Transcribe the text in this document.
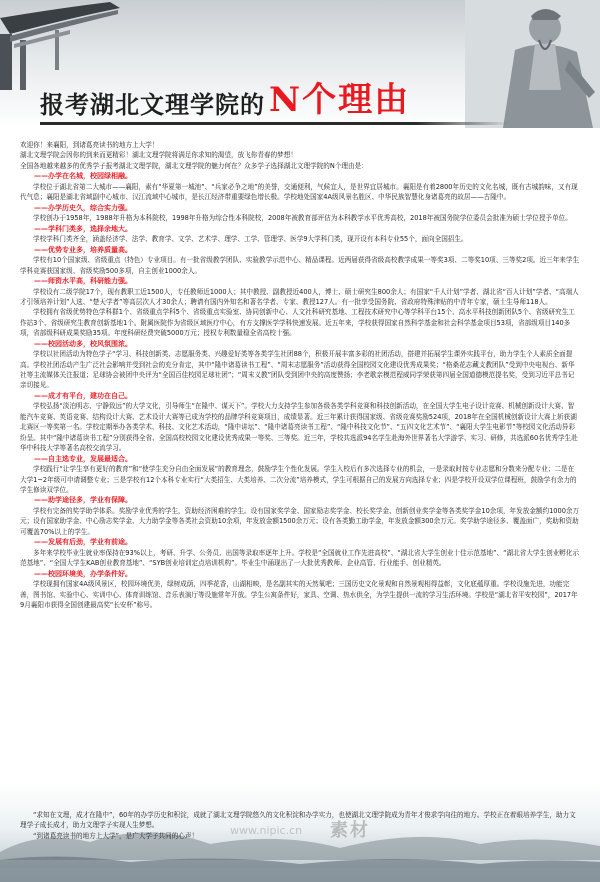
报考湖北文理学院的 N个理由

欢迎你！来襄阳，到诸葛亮读书的地方上大学！

湖北文理学院会因你的到来而更精彩！湖北文理学院将满足你求知的渴望，放飞你青春的梦想！

全国各地越来越多的优秀学子报考湖北文理学院，湖北文理学院的魅力何在？众多学子选择湖北文理学院的N个理由是：

——办学在名城，校园绿相融。

学校位于湖北省第二大城市——襄阳，素有“华夏第一城池”、“兵家必争之地”的美誉，交通便利，气候宜人，是世界宜居城市。襄阳是有着2800年历史的文化名城，既有古城韵味，又有现代气息；襄阳是湖北省域副中心城市、汉江流域中心城市，是长江经济带重要绿色增长极。学校地处国家4A级风景名胜区、中华民族智慧化身诸葛亮的故居——古隆中。

——办学历史久，综合实力强。

学校创办于1958年，1988年升格为本科院校，1998年升格为综合性本科院校，2008年被教育部评估为本科教学水平优秀高校，2018年被国务院学位委员会批准为硕士学位授予单位。

——学科门类多，选择余地大。

学校学科门类齐全，涵盖经济学、法学、教育学、文学、艺术学、理学、工学、管理学、医学9大学科门类，现开设有本科专业55个，面向全国招生。

——优势专业多，培养质量高。

学校有10个国家级、省级重点（特色）专业项目。有一批省级教学团队、实验教学示范中心、精品课程。近两届获得省级高校教学成果一等奖3项、二等奖10项、三等奖2项。近三年来学生学科竞赛获国家级、省级奖励500多项，自主创业1000余人。

——师资水平高，科研能力强。

学校设有二级学院17个，现有教职工近1500人，专任教师近1000人；其中教授、副教授近400人，博士、硕士研究生800余人；有国家“千人计划”学者、湖北省“百人计划”学者、“高端人才引领培养计划”人选、“楚天学者”等高层次人才30余人；聘请有国内外知名和著名学者、专家、教授127人。有一批享受国务院、省政府特殊津贴的中青年专家，硕士生导师118人。

学校拥有省级优势特色学科群1个、省级重点学科5个、省级重点实验室、协同创新中心、人文社科研究基地、工程技术研究中心等学科平台15个、高水平科技创新团队5个、省级研究生工作站3个、省级研究生教育创新基地1个。附属医院作为省级区域医疗中心，有方支撑医学学科快速发展。近五年来，学校获得国家自然科学基金和社会科学基金项目53项，省部级项目140多项，省部级科研成果奖励35项。年度科研经费突破5000万元；授权专利数量稳全省高校十强。

——校园活动多，校风氛围浓。

学校以社团活动为特色学子“学习、科技创新类、志愿服务类、兴趣爱好类等各类学生社团88个，积极开展丰富多彩的社团活动，搭建并拓展学生课外实践平台，助力学生个人素质全面提高。学校社团活动产生广泛社会影响并受到社会的充分肯定，其中“隆中诸葛读书工程”、“周末志愿服务”活动获得全国校园文化建设优秀成果奖；“格桑花志藏支教团队”受到中央电视台、新华社等主流媒体关注报道；足球协会被团中央评为“全国百佳校园足球社团”；“周末义教”团队受到团中央的高度赞扬；李老歌亲模范程威同学荣获第四届全国道德模范提名奖，受到习近平总书记亲切接见。

——成才有平台，建功在自己。

学校弘扬“淡泊明志、宁静致远”的大学文化，引导师生“在隆中、谋天下”。学校大力支持学生参加各级各类学科竞赛和科技创新活动，在全国大学生电子设计竞赛、机械创新设计大赛、智能汽车竞赛、英语竞赛、结构设计大赛、艺术设计大赛等已成为学校的品牌学科竞赛项目，成绩显著。近三年累计获得国家级、省级竞赛奖励524项，2018年在全国机械创新设计大赛上斩获湖北赛区一等奖第一名。学校定期举办各类学术、科技、文化艺术活动，“隆中讲坛”、“隆中诸葛亮读书工程”、“隆中科技文化节”、“五四文化艺术节”、“襄阳大学生电影节”等校园文化活动异彩纷呈。其中“隆中诸葛读书工程”分别获得全省、全国高校校园文化建设优秀成果一等奖、三等奖。近三年，学校共选派94名学生赴海外世界著名大学游学、实习、研修，共选派60名优秀学生赴华中科技大学等著名高校交流学习。

——自主选专业，发展最适合。

学校践行“让学生享有更好的教育”和“使学生充分自由全面发展”的教育理念，鼓励学生个性化发展。学生入校后有多次选择专业的机会，一是录取时按专业志愿和分数来分配专业；二是在大学1~2年级可申请调整专业；三是学校有12个本科专业实行“大类招生、大类培养、二次分流”培养模式，学生可根据自己的发展方向选择专业；四是学校开设双学位课程班，鼓励学有余力的学生修读双学位。

——助学途径多，学业有保障。

学校有完备的奖学助学体系。奖励学业优秀的学生，资助经济困难的学生。设有国家奖学金、国家励志奖学金、校长奖学金、创新创业奖学金等各类奖学金10余项，年发放金额约1000余万元；设有国家助学金、中心励志奖学金、大力助学金等各类社会资助10余项，年发放金额1500余万元；设有各类勤工助学金，年发放金额300余万元。奖学助学途径多、覆盖面广，奖助和资助可覆盖70%以上的学生。

——发展有后劲，学业有前途。

多年来学校毕业生就业率保持在93%以上，考研、升学、公务员、出国等录取率逐年上升。学校是“全国就业工作先进高校”、“湖北省大学生创业十佳示范基地”、“湖北省大学生创业孵化示范基地”、“全国大学生KAB创业教育基地”、“SYB创业培训定点培训机构”。毕业生中涌现出了一大批优秀教师、企业高管、行业能手、创业精英。

——校园环境美，办学条件好。

学校现拥有国家4A级风景区，校园环境优美，绿树成荫，四季花香，山湖相映，是名副其实的天然氧吧；三国历史文化景观和自然景观相得益彰，文化底蕴厚重。学校设施先进，功能完善，图书馆、实验中心、实训中心、体育训练馆、音乐表演厅等设施常年开放。学生公寓条件好，家具、空调、热水供全，为学生提供一流的学习生活环境。学校是“湖北省平安校园”，2017年9月襄阳市获得全国创建最高奖“长安杯”称号。

“求知在文理，成才在隆中”，60年的办学历史和积淀，成就了湖北文理学院悠久的文化积淀和办学实力，也使湖北文理学院成为青年才俊求学向往的地方。学校正在着眼培养学生，助力文理学子成长成才，助力文理学子实现人生梦想。

“到诸葛亮读书的地方上大学”，是广大学子共同的心声！	www.nipic.cn 素材
